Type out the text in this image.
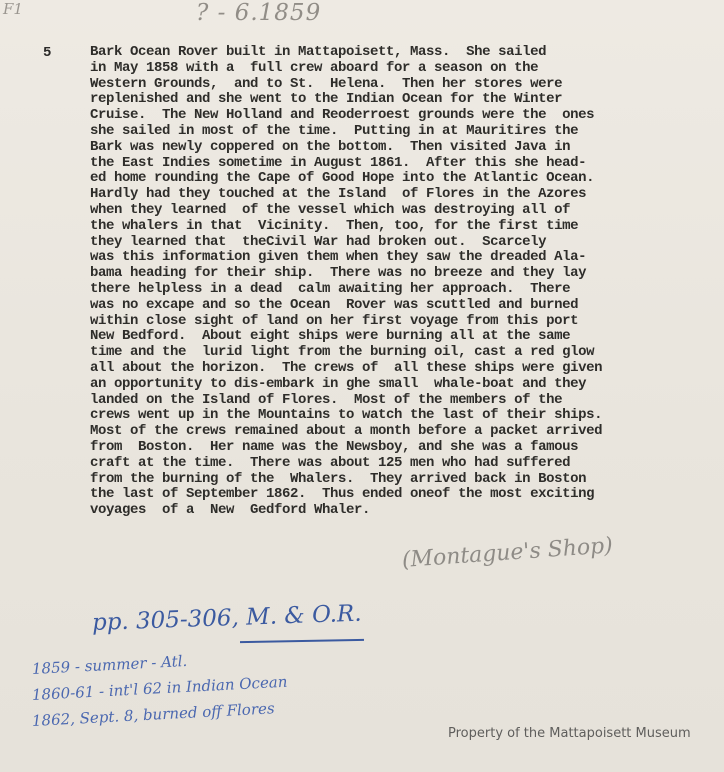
F1	? - 6.1859
5	Bark Ocean Rover built in Mattapoisett, Mass.  She sailed
in May 1858 with a  full crew aboard for a season on the
Western Grounds,  and to St.  Helena.  Then her stores were
replenished and she went to the Indian Ocean for the Winter
Cruise.  The New Holland and Reoderroest grounds were the  ones
she sailed in most of the time.  Putting in at Mauritires the
Bark was newly coppered on the bottom.  Then visited Java in
the East Indies sometime in August 1861.  After this she head-
ed home rounding the Cape of Good Hope into the Atlantic Ocean.
Hardly had they touched at the Island  of Flores in the Azores
when they learned  of the vessel which was destroying all of
the whalers in that  Vicinity.  Then, too, for the first time
they learned that  theCivil War had broken out.  Scarcely
was this information given them when they saw the dreaded Ala-
bama heading for their ship.  There was no breeze and they lay
there helpless in a dead  calm awaiting her approach.  There
was no excape and so the Ocean  Rover was scuttled and burned
within close sight of land on her first voyage from this port
New Bedford.  About eight ships were burning all at the same
time and the  lurid light from the burning oil, cast a red glow
all about the horizon.  The crews of  all these ships were given
an opportunity to dis-embark in ghe small  whale-boat and they
landed on the Island of Flores.  Most of the members of the
crews went up in the Mountains to watch the last of their ships.
Most of the crews remained about a month before a packet arrived
from  Boston.  Her name was the Newsboy, and she was a famous
craft at the time.  There was about 125 men who had suffered
from the burning of the  Whalers.  They arrived back in Boston
the last of September 1862.  Thus ended oneof the most exciting
voyages  of a  New  Gedford Whaler.
(Montague's Shop)
pp. 305-306, M. & O.R.
1859 - summer - Atl.
1860-61 - int'l 62 in Indian Ocean
1862, Sept. 8, burned off Flores
Property of the Mattapoisett Museum
